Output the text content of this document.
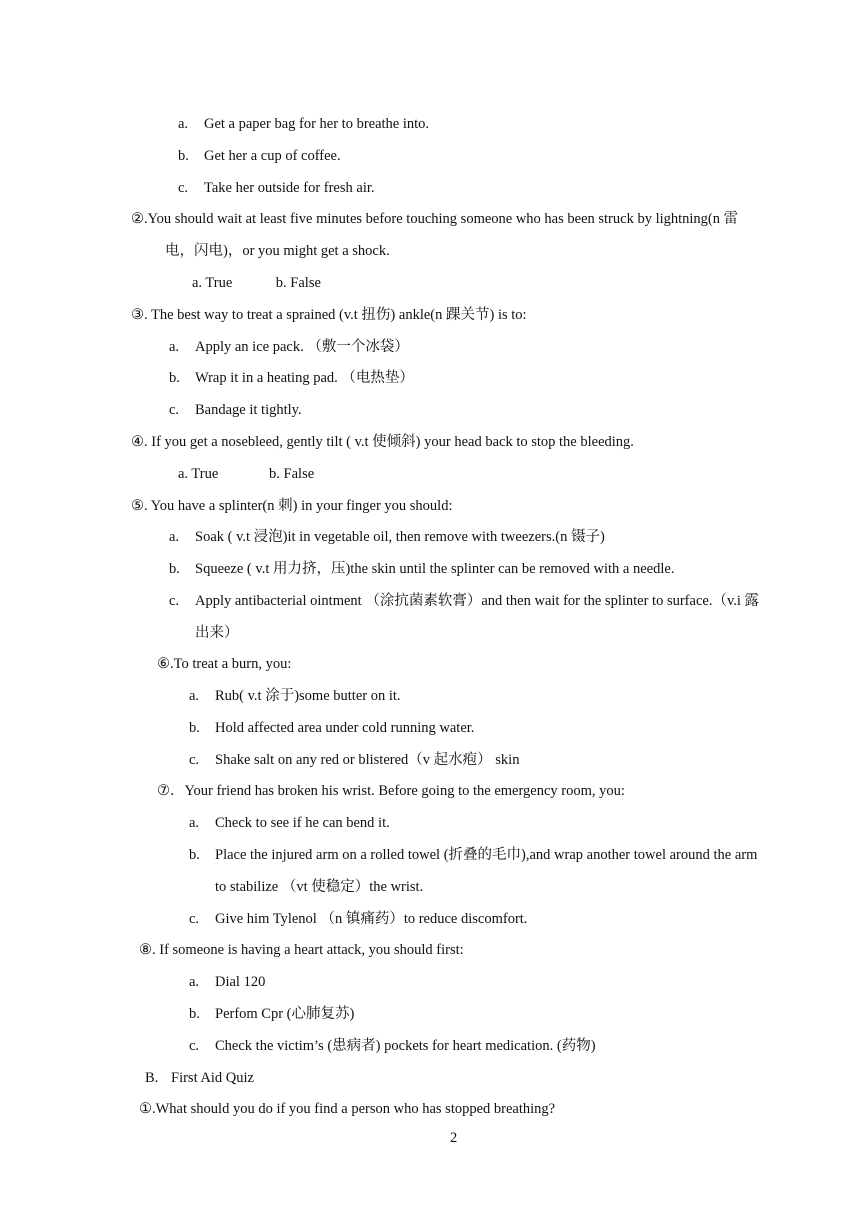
a. Get a paper bag for her to breathe into.
b. Get her a cup of coffee.
c. Take her outside for fresh air.
②.You should wait at least five minutes before touching someone who has been struck by lightning(n 雷
电，闪电)，or you might get a shock.
a. True            b. False
③. The best way to treat a sprained (v.t 扭伤) ankle(n 踝关节) is to:
a. Apply an ice pack. （敷一个冰袋）
b. Wrap it in a heating pad. （电热垫）
c. Bandage it tightly.
④. If you get a nosebleed, gently tilt ( v.t 使倾斜) your head back to stop the bleeding.
a. True              b. False
⑤. You have a splinter(n 刺) in your finger you should:
a. Soak ( v.t 浸泡)it in vegetable oil, then remove with tweezers.(n 镊子)
b. Squeeze ( v.t 用力挤，压)the skin until the splinter can be removed with a needle.
c. Apply antibacterial ointment （涂抗菌素软膏）and then wait for the splinter to surface.（v.i 露
出来）
⑥.To treat a burn, you:
a. Rub( v.t 涂于)some butter on it.
b. Hold affected area under cold running water.
c. Shake salt on any red or blistered（v 起水疱） skin
⑦．Your friend has broken his wrist. Before going to the emergency room, you:
a. Check to see if he can bend it.
b. Place the injured arm on a rolled towel (折叠的毛巾),and wrap another towel around the arm
to stabilize （vt 使稳定）the wrist.
c. Give him Tylenol （n 镇痛药）to reduce discomfort.
⑧. If someone is having a heart attack, you should first:
a. Dial 120
b. Perfom Cpr (心肺复苏)
c. Check the victim’s (患病者) pockets for heart medication. (药物)
B. First Aid Quiz
①.What should you do if you find a person who has stopped breathing?
2
